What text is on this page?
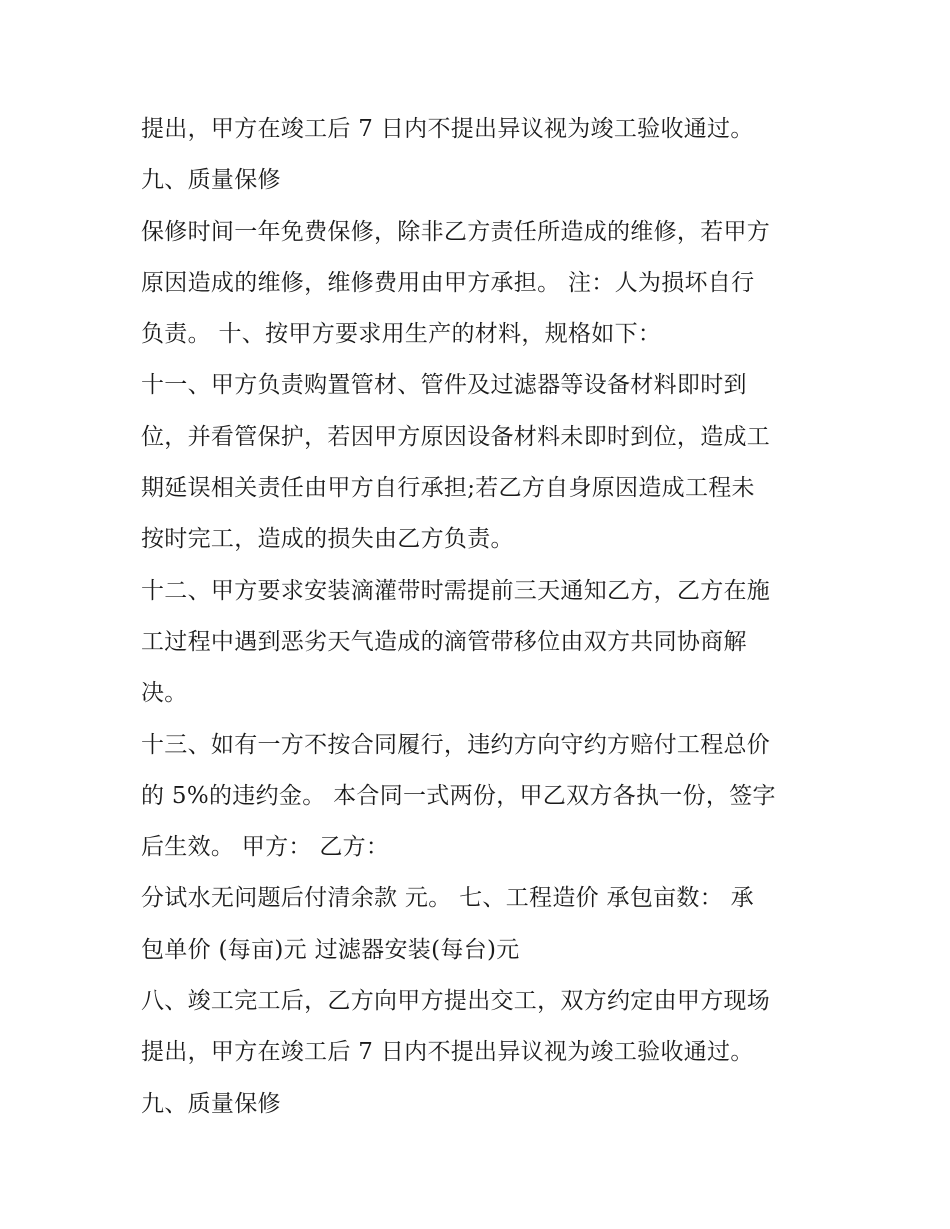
提出，甲方在竣工后 7 日内不提出异议视为竣工验收通过。
九、质量保修
保修时间一年免费保修，除非乙方责任所造成的维修，若甲方
原因造成的维修，维修费用由甲方承担。 注：人为损坏自行
负责。 十、按甲方要求用生产的材料，规格如下：
十一、甲方负责购置管材、管件及过滤器等设备材料即时到
位，并看管保护，若因甲方原因设备材料未即时到位，造成工
期延误相关责任由甲方自行承担;若乙方自身原因造成工程未
按时完工，造成的损失由乙方负责。
十二、甲方要求安装滴灌带时需提前三天通知乙方，乙方在施
工过程中遇到恶劣天气造成的滴管带移位由双方共同协商解
决。
十三、如有一方不按合同履行，违约方向守约方赔付工程总价
的 5%的违约金。 本合同一式两份，甲乙双方各执一份，签字
后生效。 甲方： 乙方：
分试水无问题后付清余款 元。 七、工程造价 承包亩数： 承
包单价 (每亩)元 过滤器安装(每台)元
八、竣工完工后，乙方向甲方提出交工，双方约定由甲方现场
提出，甲方在竣工后 7 日内不提出异议视为竣工验收通过。
九、质量保修
